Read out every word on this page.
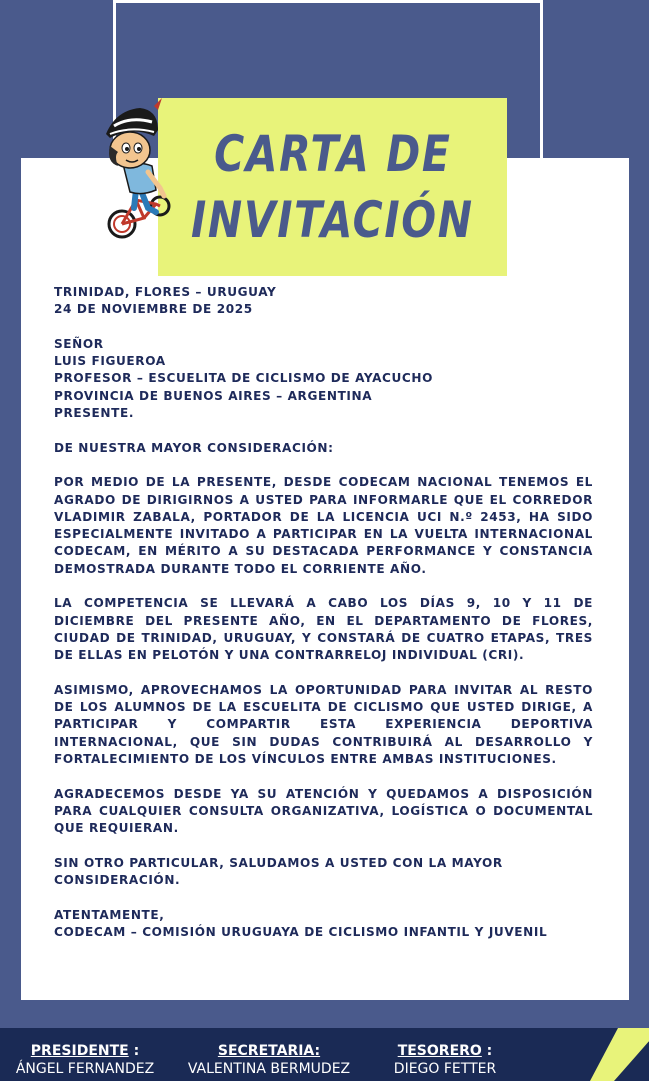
CARTA DE
INVITACIÓN

TRINIDAD, FLORES – URUGUAY
24 DE NOVIEMBRE DE 2025

SEÑOR
LUIS FIGUEROA
PROFESOR – ESCUELITA DE CICLISMO DE AYACUCHO
PROVINCIA DE BUENOS AIRES – ARGENTINA
PRESENTE.

DE NUESTRA MAYOR CONSIDERACIÓN:

POR MEDIO DE LA PRESENTE, DESDE CODECAM NACIONAL TENEMOS EL AGRADO DE DIRIGIRNOS A USTED PARA INFORMARLE QUE EL CORREDOR VLADIMIR ZABALA, PORTADOR DE LA LICENCIA UCI N.º 2453, HA SIDO ESPECIALMENTE INVITADO A PARTICIPAR EN LA VUELTA INTERNACIONAL CODECAM, EN MÉRITO A SU DESTACADA PERFORMANCE Y CONSTANCIA DEMOSTRADA DURANTE TODO EL CORRIENTE AÑO.

LA COMPETENCIA SE LLEVARÁ A CABO LOS DÍAS 9, 10 Y 11 DE DICIEMBRE DEL PRESENTE AÑO, EN EL DEPARTAMENTO DE FLORES, CIUDAD DE TRINIDAD, URUGUAY, Y CONSTARÁ DE CUATRO ETAPAS, TRES DE ELLAS EN PELOTÓN Y UNA CONTRARRELOJ INDIVIDUAL (CRI).

ASIMISMO, APROVECHAMOS LA OPORTUNIDAD PARA INVITAR AL RESTO DE LOS ALUMNOS DE LA ESCUELITA DE CICLISMO QUE USTED DIRIGE, A PARTICIPAR Y COMPARTIR ESTA EXPERIENCIA DEPORTIVA INTERNACIONAL, QUE SIN DUDAS CONTRIBUIRÁ AL DESARROLLO Y FORTALECIMIENTO DE LOS VÍNCULOS ENTRE AMBAS INSTITUCIONES.

AGRADECEMOS DESDE YA SU ATENCIÓN Y QUEDAMOS A DISPOSICIÓN PARA CUALQUIER CONSULTA ORGANIZATIVA, LOGÍSTICA O DOCUMENTAL QUE REQUIERAN.

SIN OTRO PARTICULAR, SALUDAMOS A USTED CON LA MAYOR CONSIDERACIÓN.

ATENTAMENTE,
CODECAM – COMISIÓN URUGUAYA DE CICLISMO INFANTIL Y JUVENIL

PRESIDENTE :
ÁNGEL FERNANDEZ
SECRETARIA:
VALENTINA BERMUDEZ
TESORERO :
DIEGO FETTER
